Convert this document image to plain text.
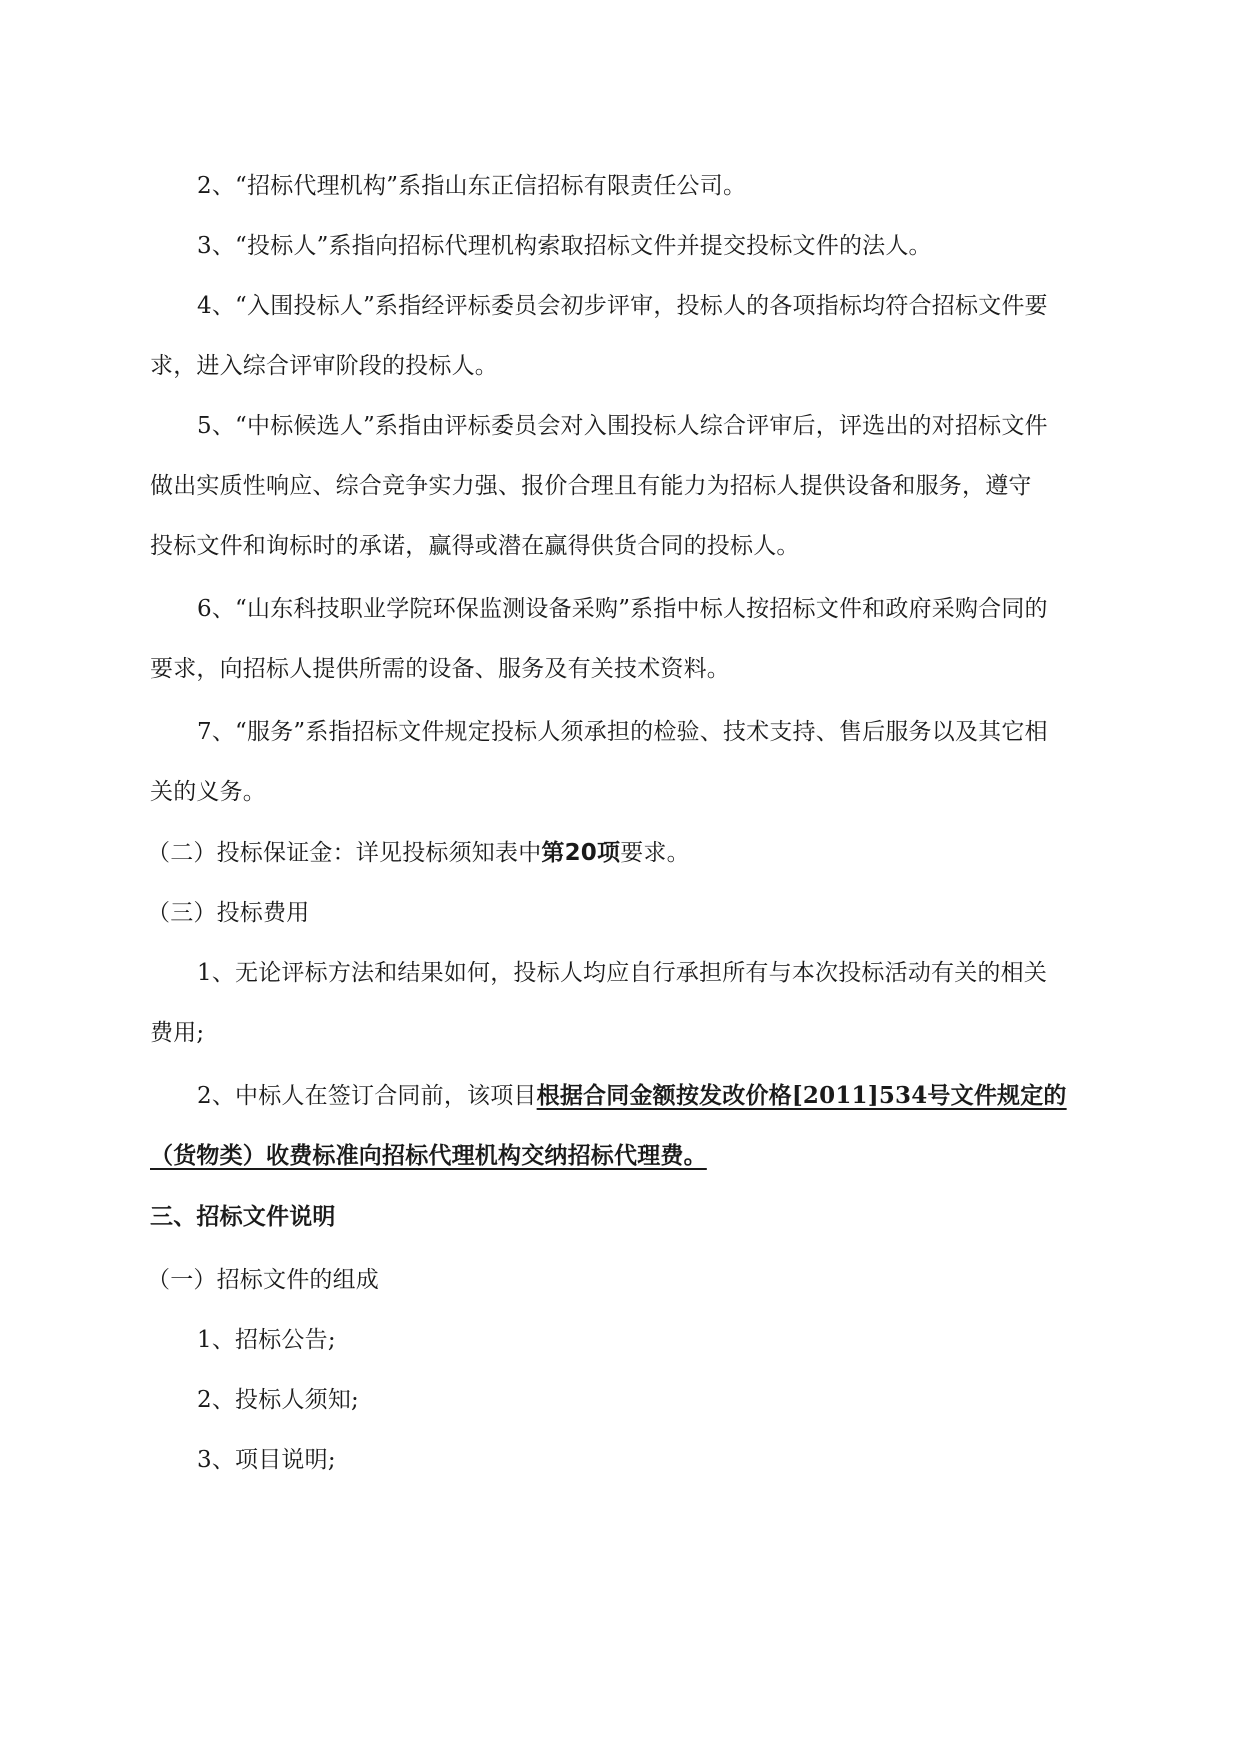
2、“招标代理机构”系指山东正信招标有限责任公司。
3、“投标人”系指向招标代理机构索取招标文件并提交投标文件的法人。
4、“入围投标人”系指经评标委员会初步评审，投标人的各项指标均符合招标文件要
求，进入综合评审阶段的投标人。
5、“中标候选人”系指由评标委员会对入围投标人综合评审后，评选出的对招标文件
做出实质性响应、综合竞争实力强、报价合理且有能力为招标人提供设备和服务，遵守
投标文件和询标时的承诺，赢得或潜在赢得供货合同的投标人。
6、“山东科技职业学院环保监测设备采购”系指中标人按招标文件和政府采购合同的
要求，向招标人提供所需的设备、服务及有关技术资料。
7、“服务”系指招标文件规定投标人须承担的检验、技术支持、售后服务以及其它相
关的义务。
（二）投标保证金：详见投标须知表中第20项要求。
（三）投标费用
1、无论评标方法和结果如何，投标人均应自行承担所有与本次投标活动有关的相关
费用;
2、中标人在签订合同前，该项目根据合同金额按发改价格[2011]534号文件规定的
（货物类）收费标准向招标代理机构交纳招标代理费。
三、招标文件说明
（一）招标文件的组成
1、招标公告;
2、投标人须知;
3、项目说明;
